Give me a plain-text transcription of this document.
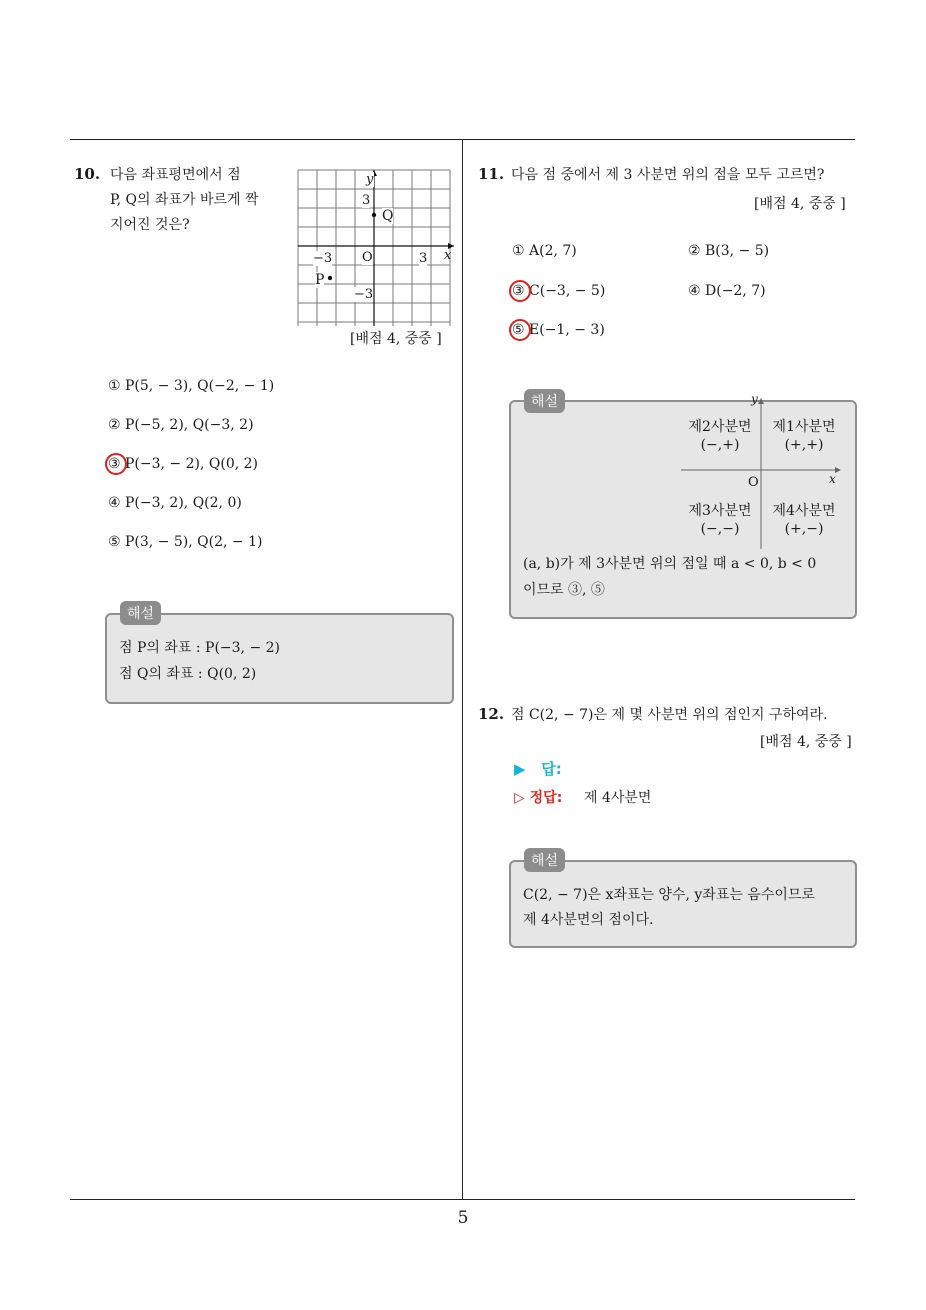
5
10. 다음 좌표평면에서 점
P, Q의 좌표가 바르게 짝
지어진 것은?
y
x
O
3
−3
−3	3
Q
P
[배점 4, 중중 ]
① P(5, − 3), Q(−2, − 1)
② P(−5, 2), Q(−3, 2)
③ P(−3, − 2), Q(0, 2)
④ P(−3, 2), Q(2, 0)
⑤ P(3, − 5), Q(2, − 1)
점 P의 좌표 : P(−3, − 2)
점 Q의 좌표 : Q(0, 2)
해설
11. 다음 점 중에서 제 3 사분면 위의 점을 모두 고르면?
[배점 4, 중중 ]
① A(2, 7)	② B(3, − 5)
③ C(−3, − 5)	④ D(−2, 7)
⑤ E(−1, − 3)
y
x
O
제2사분면
(−,+)
제1사분면
(+,+)
제3사분면
(−,−)
제4사분면
(+,−)
(a, b)가 제 3사분면 위의 점일 때 a < 0, b < 0
이므로 ③, ⑤
해설
12. 점 C(2, − 7)은 제 몇 사분면 위의 점인지 구하여라.
[배점 4, 중중 ]
▶   답:
▷ 정답: 제 4사분면
C(2, − 7)은 x좌표는 양수, y좌표는 음수이므로
제 4사분면의 점이다.
해설
